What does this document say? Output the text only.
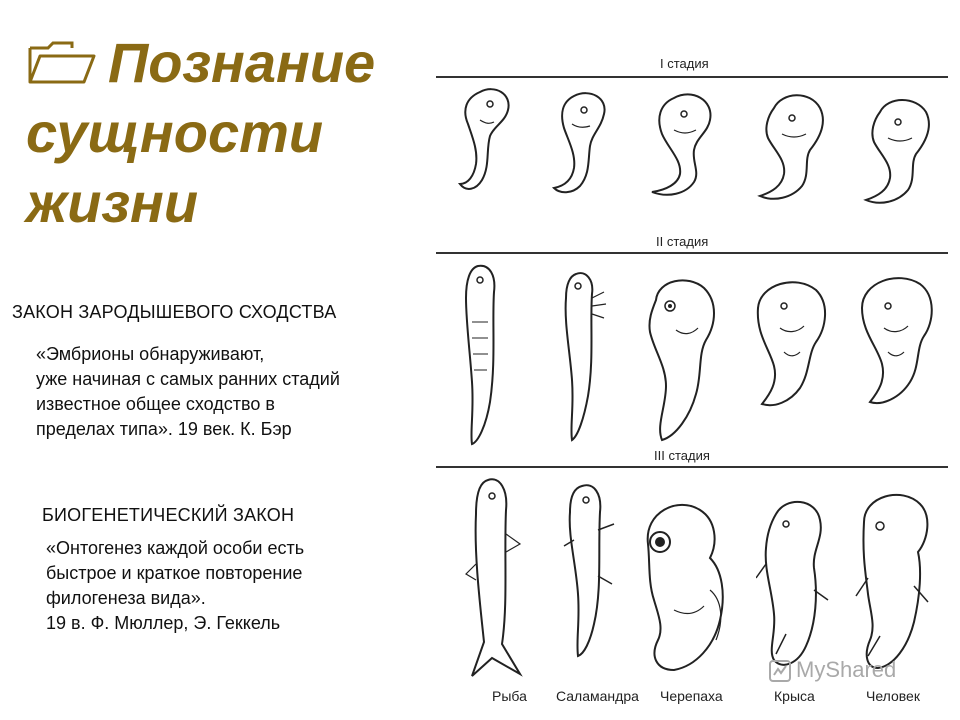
Познание
сущности
жизни
ЗАКОН ЗАРОДЫШЕВОГО СХОДСТВА
«Эмбрионы обнаруживают,
уже начиная с самых ранних стадий
известное общее сходство в
пределах типа». 19 век. К. Бэр
БИОГЕНЕТИЧЕСКИЙ ЗАКОН
«Онтогенез каждой особи есть
быстрое и краткое повторение
филогенеза вида».
19 в. Ф. Мюллер, Э. Геккель
I стадия
II стадия
III стадия
Рыба Саламандра Черепаха	Крыса	Человек
MyShared
